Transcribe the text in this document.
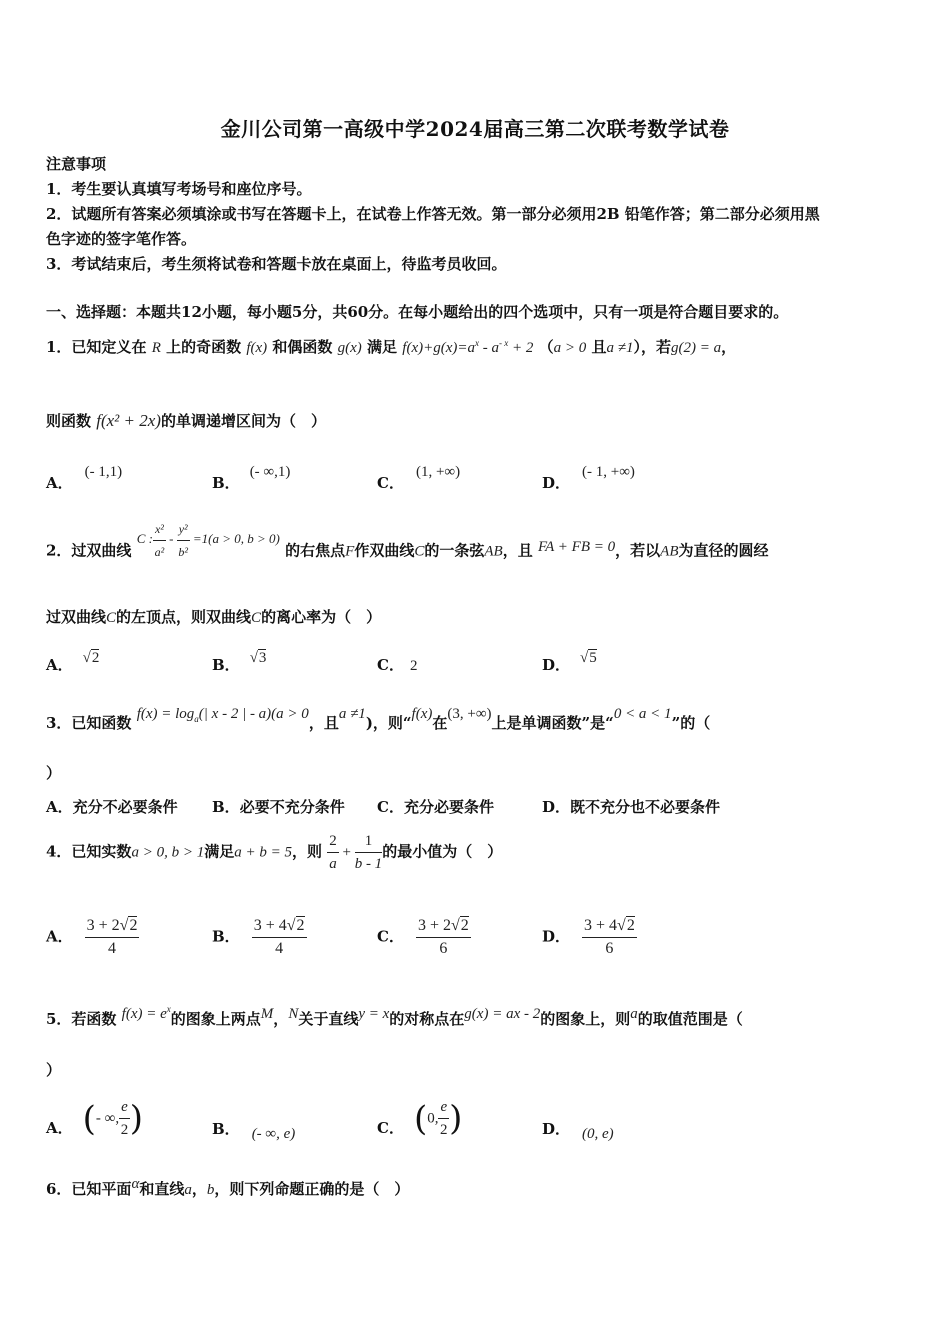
金川公司第一高级中学2024届高三第二次联考数学试卷
注意事项
1．考生要认真填写考场号和座位序号。
2．试题所有答案必须填涂或书写在答题卡上，在试卷上作答无效。第一部分必须用2B 铅笔作答；第二部分必须用黑
色字迹的签字笔作答。
3．考试结束后，考生须将试卷和答题卡放在桌面上，待监考员收回。
一、选择题：本题共12小题，每小题5分，共60分。在每小题给出的四个选项中，只有一项是符合题目要求的。
1．已知定义在 R 上的奇函数 f(x) 和偶函数 g(x) 满足 $f(x)+g(x)=a^x - a^{- x} + 2$ （a > 0 且a ≠1），若g(2) = a，
则函数 f(x² + 2x)的单调递增区间为（　）
A．(- 1,1)
B．(- ∞,1)
C．(1, +∞)
D．(- 1, +∞)
2．过双曲线 C : $\frac{\text{x²}}{\text{a²}} - \frac{\text{y²}}{\text{b²}} =1(a > 0$, b > 0) 的右焦点F作双曲线C的一条弦AB，且 FA + FB = 0，若以AB为直径的圆经
过双曲线C的左顶点，则双曲线C的离心率为（　）
A． √2	B． √3	C． 2	D． √5
3．已知函数 $f(x) = \log_a(|$ x - 2 | - a)(a > 0，且a ≠1)，则“f(x)在(3, +∞)上是单调函数”是“0 < a < 1”的（
）
A．充分不必要条件 B．必要不充分条件 C．充分必要条件	D．既不充分也不必要条件
4．已知实数a > 0, b > 1满足a + b = 5，则 $\frac{2}{a} + \frac{1}{b - 1}$ 的最小值为（　）
A． $\frac{3 + 2√2}{4}$	B． $\frac{3 + 4√2}{4}$	C． $\frac{3 + 2√2}{6}$	D． $\frac{3 + 4√2}{6}$
5．若函数 $f(x) = e^x$的图象上两点M，N关于直线y = x的对称点在g(x) = ax - 2的图象上，则a的取值范围是（
）
A． (- ∞, $\frac{e}{2}$ )	B． (- ∞, e)	C． (0, $\frac{e}{2}$ )	D． (0, e)
6．已知平面α和直线a，b，则下列命题正确的是（　）
